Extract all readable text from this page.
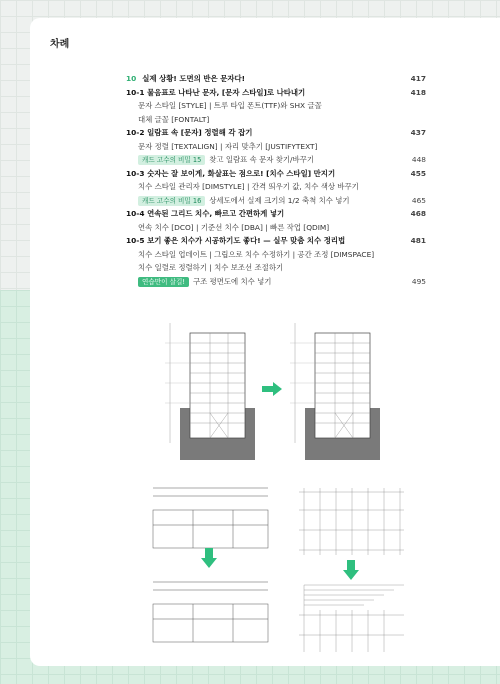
차례
10 실제 상황! 도면의 반은 문자다!	417
10-1 물음표로 나타난 문자, [문자 스타일]로 나타내기	418
문자 스타일 [STYLE] | 트루 타입 폰트(TTF)와 SHX 글꼴
대체 글꼴 [FONTALT]
10-2 일람표 속 [문자] 정렬해 각 잡기	437
문자 정렬 [TEXTALIGN] | 자리 맞추기 [JUSTIFYTEXT]
캐드 고수의 비밀 15 찾고 일람표 속 문자 찾기/바꾸기	448
10-3 숫자는 잘 보이게, 화살표는 점으로! [치수 스타일] 만지기	455
치수 스타일 관리자 [DIMSTYLE] | 간격 띄우기 값, 치수 색상 바꾸기
캐드 고수의 비밀 16 상세도에서 실제 크기의 1/2 축척 치수 넣기	465
10-4 연속된 그리드 치수, 빠르고 간편하게 넣기	468
연속 치수 [DCO] | 기준선 치수 [DBA] | 빠른 작업 [QDIM]
10-5 보기 좋은 치수가 시공하기도 좋다! — 실무 맞춤 치수 정리법	481
치수 스타일 업데이트 | 그립으로 치수 수정하기 | 공간 조정 [DIMSPACE]
치수 일렬로 정렬하기 | 치수 보조선 조절하기
연습만이 살길! 구조 평면도에 치수 넣기	495
